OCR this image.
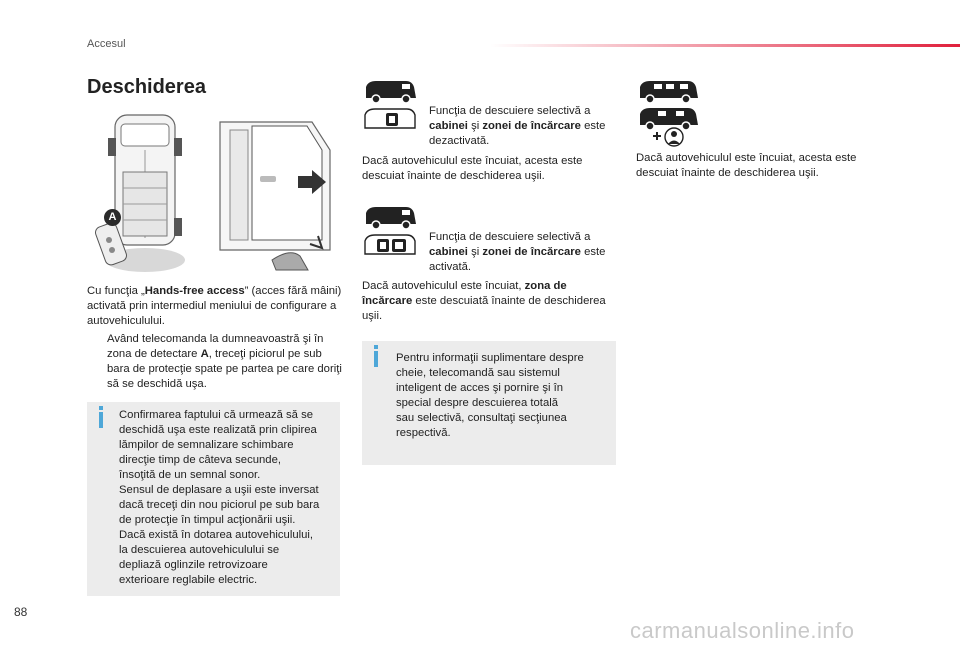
Accesul
Deschiderea
A
Cu funcţia „Hands-free access” (acces fără mâini) activată prin intermediul meniului de configurare a autovehiculului.
Având telecomanda la dumneavoastră şi în zona de detectare A, treceţi piciorul pe sub bara de protecţie spate pe partea pe care doriţi să se deschidă uşa.
Confirmarea faptului că urmează să se
deschidă uşa este realizată prin clipirea
lămpilor de semnalizare schimbare
direcţie timp de câteva secunde,
însoţită de un semnal sonor.
Sensul de deplasare a uşii este inversat
dacă treceţi din nou piciorul pe sub bara
de protecţie în timpul acţionării uşii.
Dacă există în dotarea autovehiculului,
la descuierea autovehiculului se
depliază oglinzile retrovizoare
exterioare reglabile electric.
Funcţia de descuiere selectivă a cabinei şi zonei de încărcare este dezactivată.
Dacă autovehiculul este încuiat, acesta este descuiat înainte de deschiderea uşii.
Funcţia de descuiere selectivă a cabinei şi zonei de încărcare este activată.
Dacă autovehiculul este încuiat, zona de încărcare este descuiată înainte de deschiderea uşii.
Pentru informaţii suplimentare despre
cheie, telecomandă sau sistemul
inteligent de acces şi pornire şi în
special despre descuierea totală
sau selectivă, consultaţi secţiunea
respectivă.
Dacă autovehiculul este încuiat, acesta este descuiat înainte de deschiderea uşii.
88
carmanualsonline.info
